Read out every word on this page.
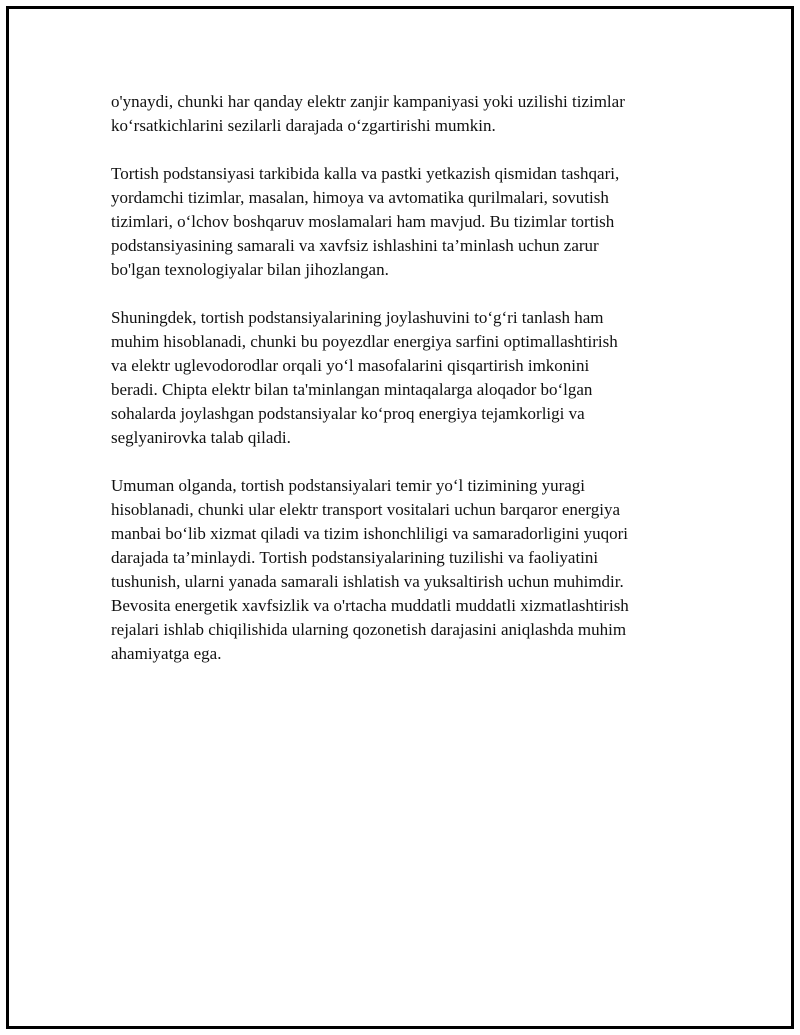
o'ynaydi, chunki har qanday elektr zanjir kampaniyasi yoki uzilishi tizimlar
ko‘rsatkichlarini sezilarli darajada o‘zgartirishi mumkin.

Tortish podstansiyasi tarkibida kalla va pastki yetkazish qismidan tashqari,
yordamchi tizimlar, masalan, himoya va avtomatika qurilmalari, sovutish
tizimlari, o‘lchov boshqaruv moslamalari ham mavjud. Bu tizimlar tortish
podstansiyasining samarali va xavfsiz ishlashini ta’minlash uchun zarur
bo'lgan texnologiyalar bilan jihozlangan.

Shuningdek, tortish podstansiyalarining joylashuvini to‘g‘ri tanlash ham
muhim hisoblanadi, chunki bu poyezdlar energiya sarfini optimallashtirish
va elektr uglevodorodlar orqali yo‘l masofalarini qisqartirish imkonini
beradi. Chipta elektr bilan ta'minlangan mintaqalarga aloqador bo‘lgan
sohalarda joylashgan podstansiyalar ko‘proq energiya tejamkorligi va
seglyanirovka talab qiladi.

Umuman olganda, tortish podstansiyalari temir yo‘l tizimining yuragi
hisoblanadi, chunki ular elektr transport vositalari uchun barqaror energiya
manbai bo‘lib xizmat qiladi va tizim ishonchliligi va samaradorligini yuqori
darajada ta’minlaydi. Tortish podstansiyalarining tuzilishi va faoliyatini
tushunish, ularni yanada samarali ishlatish va yuksaltirish uchun muhimdir.
Bevosita energetik xavfsizlik va o'rtacha muddatli muddatli xizmatlashtirish
rejalari ishlab chiqilishida ularning qozonetish darajasini aniqlashda muhim
ahamiyatga ega.
